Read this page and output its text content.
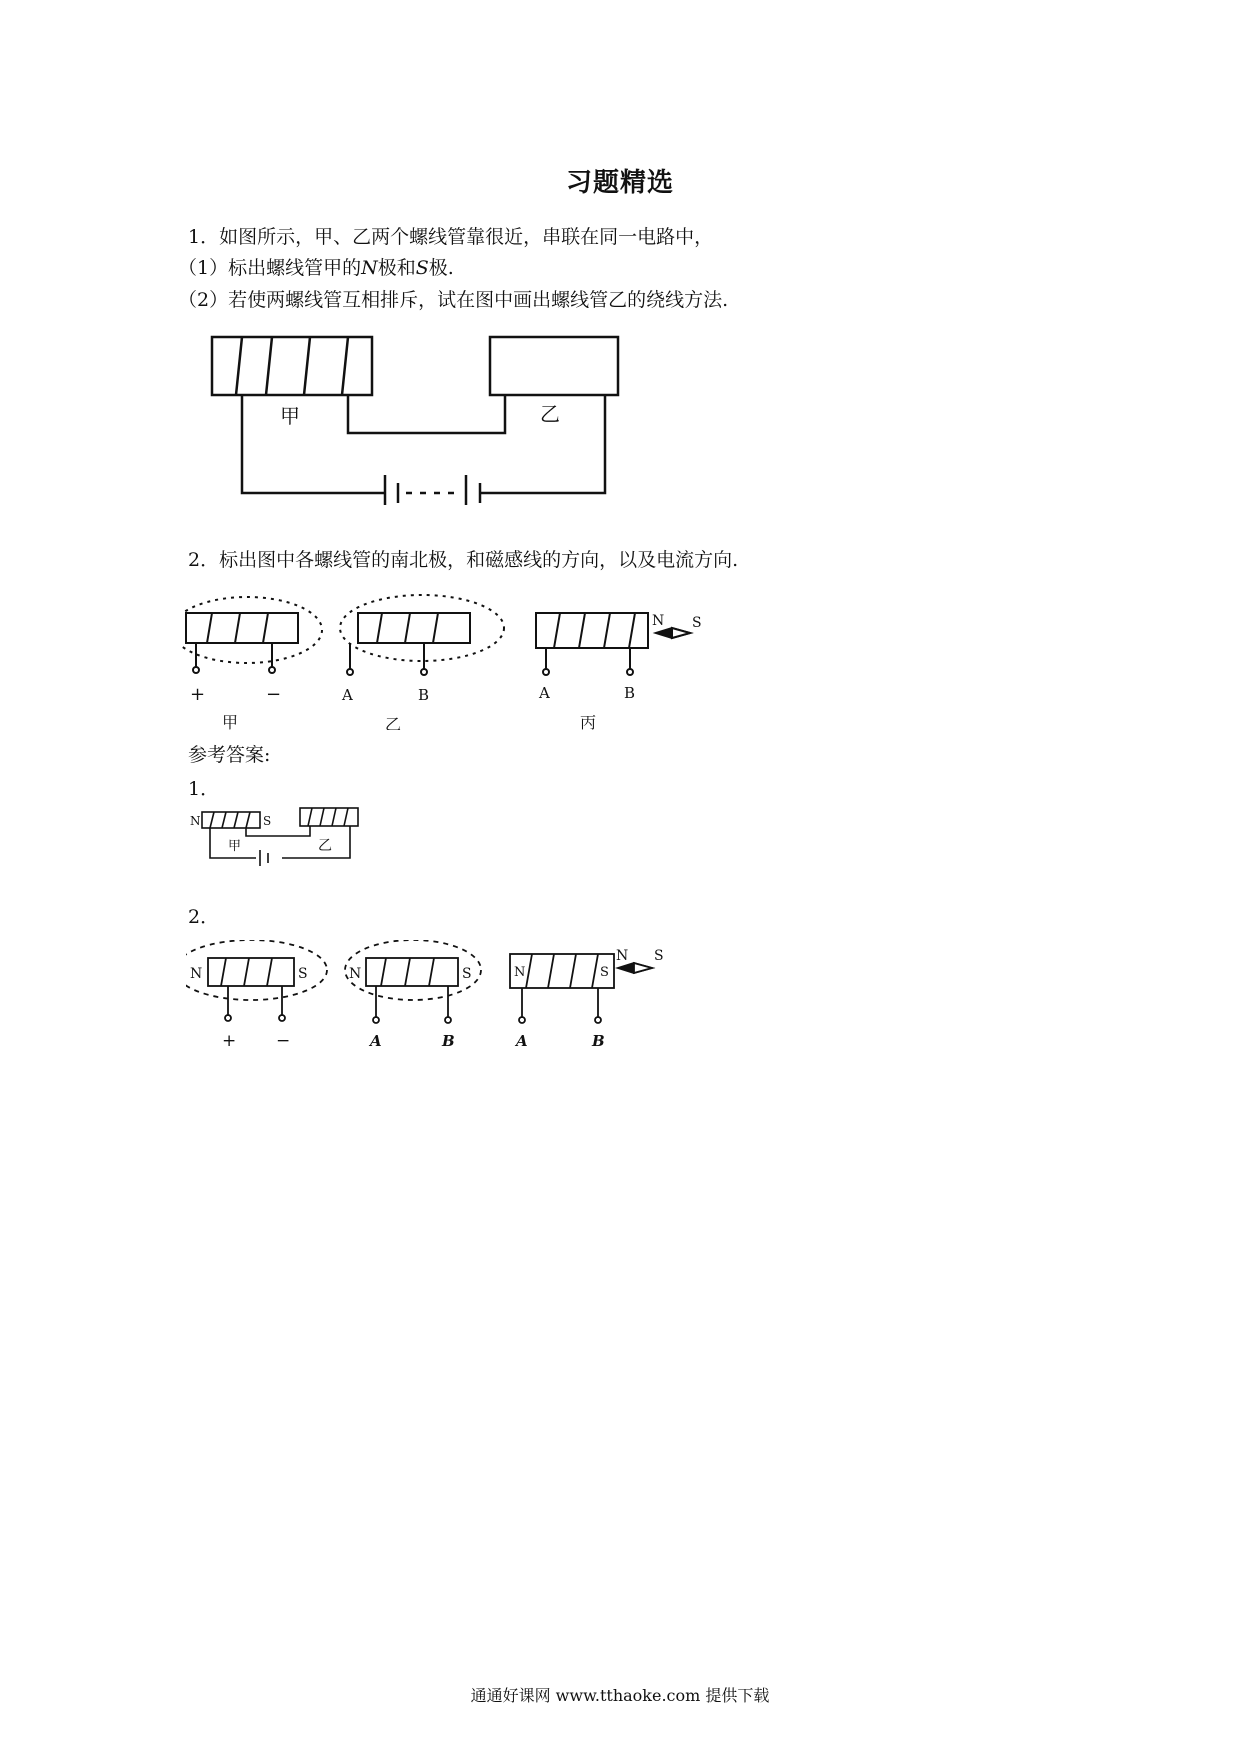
习题精选
1．如图所示，甲、乙两个螺线管靠很近，串联在同一电路中，
（1）标出螺线管甲的N极和S极.
（2）若使两螺线管互相排斥，试在图中画出螺线管乙的绕线方法.
甲	乙
2．标出图中各螺线管的南北极，和磁感线的方向，以及电流方向.
+	−
甲
A	B
乙
A	B
丙
N S
参考答案:
1．
N	S
甲	乙
2．
N	S
+ −
N	S
A	B
N	S
A	B
N S
通通好课网 www.tthaoke.com 提供下载
